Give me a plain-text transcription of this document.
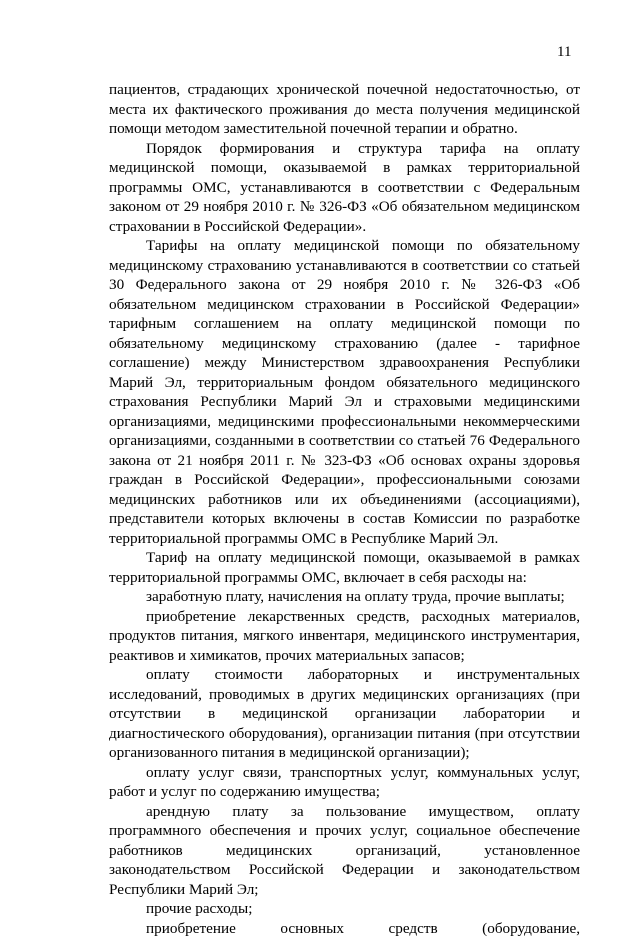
11

пациентов, страдающих хронической почечной недостаточностью, от места их фактического проживания до места получения медицинской помощи методом заместительной почечной терапии и обратно.

Порядок формирования и структура тарифа на оплату медицинской помощи, оказываемой в рамках территориальной программы ОМС, устанавливаются в соответствии с Федеральным законом от 29 ноября 2010 г. № 326-ФЗ «Об обязательном медицинском страховании в Российской Федерации».

Тарифы на оплату медицинской помощи по обязательному медицинскому страхованию устанавливаются в соответствии со статьей 30 Федерального закона от 29 ноября 2010 г. № 326-ФЗ «Об обязательном медицинском страховании в Российской Федерации» тарифным соглашением на оплату медицинской помощи по обязательному медицинскому страхованию (далее - тарифное соглашение) между Министерством здравоохранения Республики Марий Эл, территориальным фондом обязательного медицинского страхования Республики Марий Эл и страховыми медицинскими организациями, медицинскими профессиональными некоммерческими организациями, созданными в соответствии со статьей 76 Федерального закона от 21 ноября 2011 г. № 323-ФЗ «Об основах охраны здоровья граждан в Российской Федерации», профессиональными союзами медицинских работников или их объединениями (ассоциациями), представители которых включены в состав Комиссии по разработке территориальной программы ОМС в Республике Марий Эл.

Тариф на оплату медицинской помощи, оказываемой в рамках территориальной программы ОМС, включает в себя расходы на:

заработную плату, начисления на оплату труда, прочие выплаты;

приобретение лекарственных средств, расходных материалов, продуктов питания, мягкого инвентаря, медицинского инструментария, реактивов и химикатов, прочих материальных запасов;

оплату стоимости лабораторных и инструментальных исследований, проводимых в других медицинских организациях (при отсутствии в медицинской организации лаборатории и диагностического оборудования), организации питания (при отсутствии организованного питания в медицинской организации);

оплату услуг связи, транспортных услуг, коммунальных услуг, работ и услуг по содержанию имущества;

арендную плату за пользование имуществом, оплату программного обеспечения и прочих услуг, социальное обеспечение работников медицинских организаций, установленное законодательством Российской Федерации и законодательством Республики Марий Эл;

прочие расходы;

приобретение основных средств (оборудование,
